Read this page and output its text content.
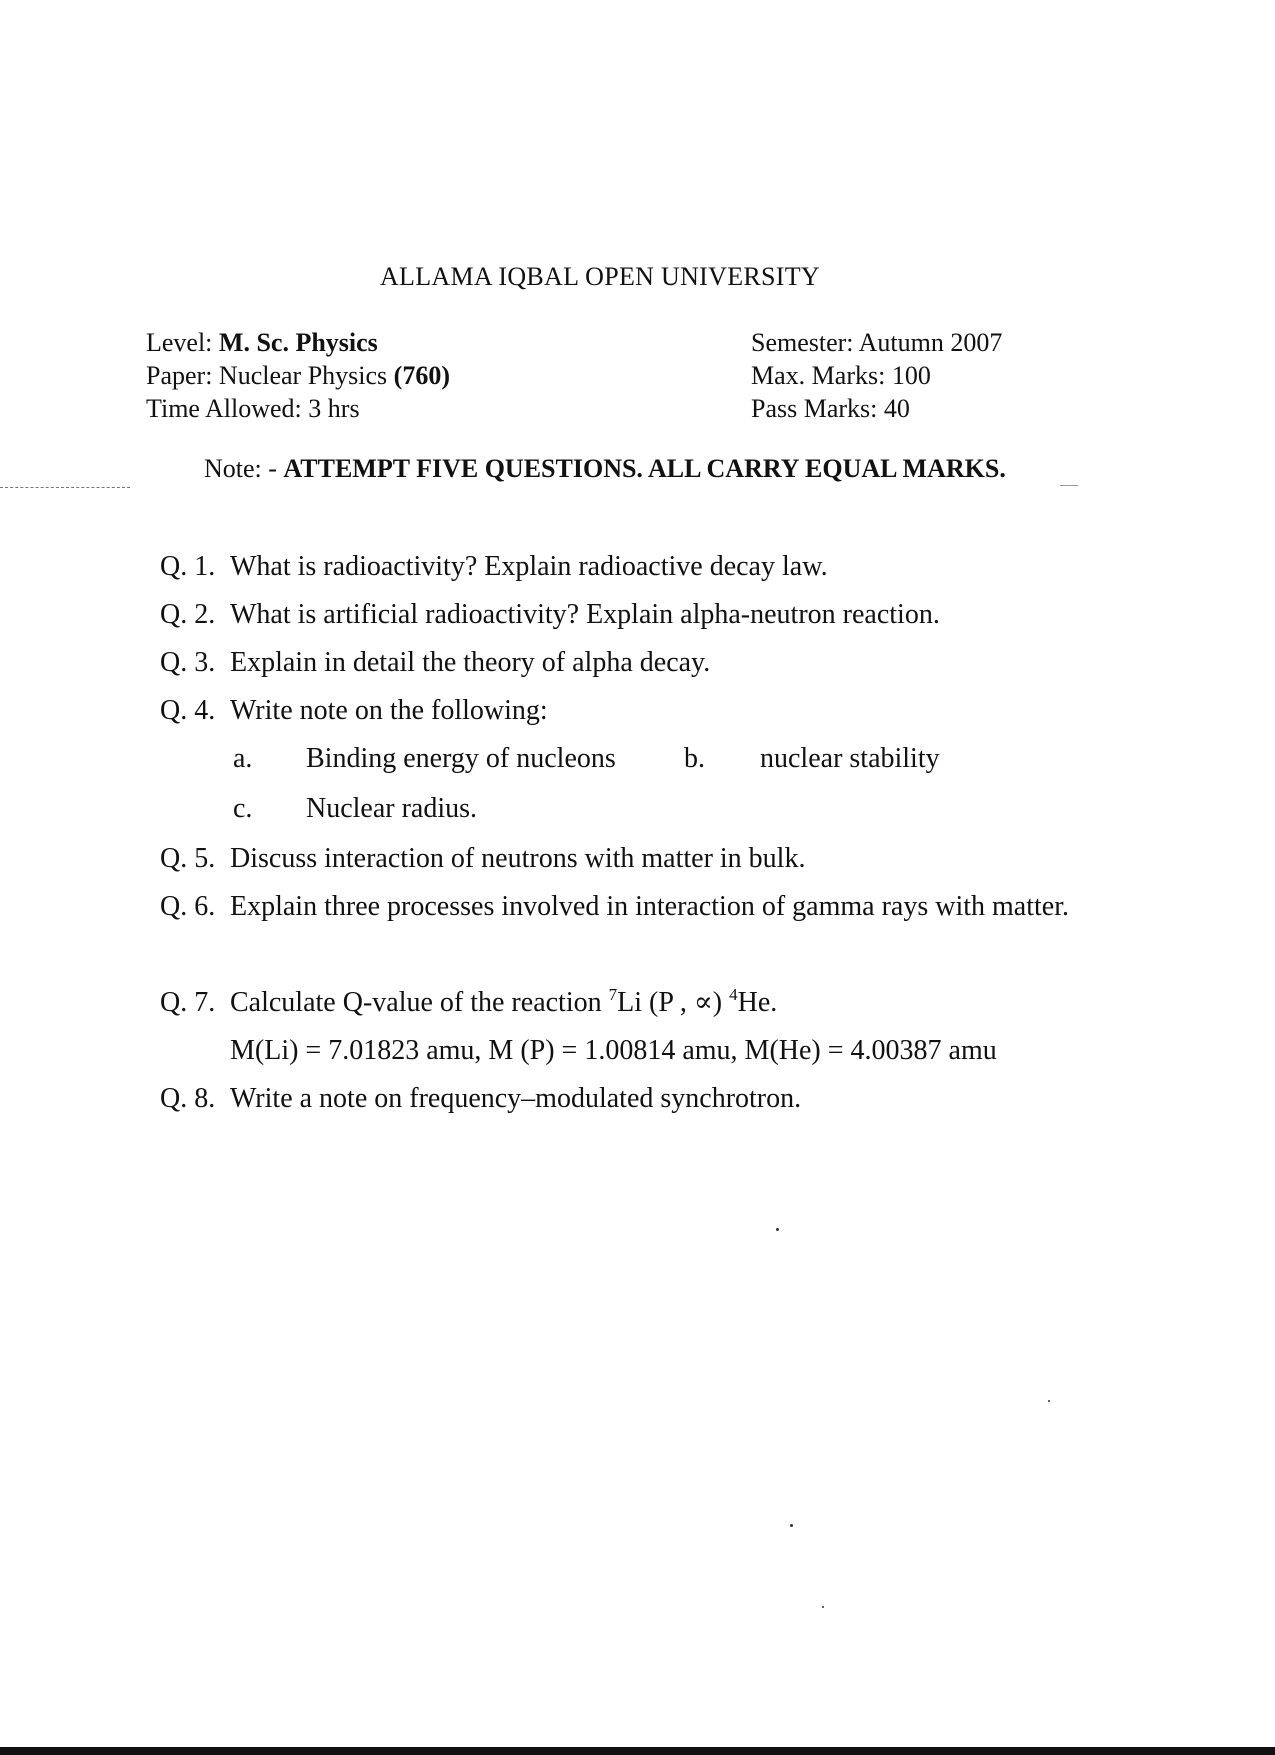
ALLAMA IQBAL OPEN UNIVERSITY
Level: M. Sc. Physics
Paper: Nuclear Physics (760)
Time Allowed: 3 hrs
Semester: Autumn 2007
Max. Marks: 100
Pass Marks: 40
Note: - ATTEMPT FIVE QUESTIONS. ALL CARRY EQUAL MARKS.
Q. 1. What is radioactivity? Explain radioactive decay law.
Q. 2. What is artificial radioactivity? Explain alpha-neutron reaction.
Q. 3. Explain in detail the theory of alpha decay.
Q. 4. Write note on the following:
a. Binding energy of nucleons b. nuclear stability
c. Nuclear radius.
Q. 5. Discuss interaction of neutrons with matter in bulk.
Q. 6. Explain three processes involved in interaction of gamma rays with matter.
Q. 7. Calculate Q-value of the reaction $^7$Li (P , ∝) $^4$He.
M(Li) = 7.01823 amu, M (P) = 1.00814 amu, M(He) = 4.00387 amu
Q. 8. Write a note on frequency–modulated synchrotron.
